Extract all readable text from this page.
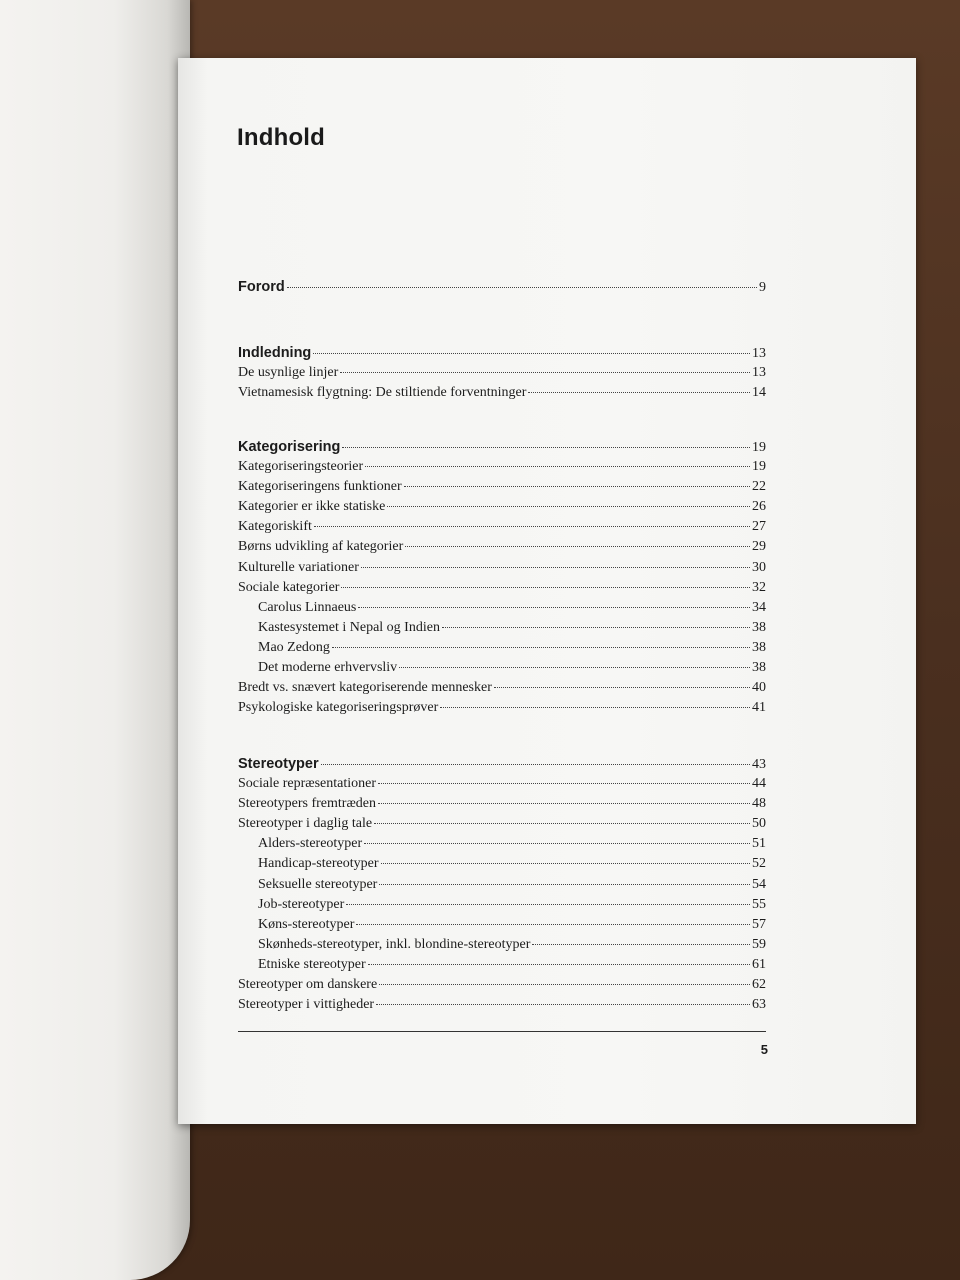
Indhold
Forord	9
Indledning	13
De usynlige linjer	13
Vietnamesisk flygtning: De stiltiende forventninger	14
Kategorisering	19
Kategoriseringsteorier	19
Kategoriseringens funktioner	22
Kategorier er ikke statiske	26
Kategoriskift	27
Børns udvikling af kategorier	29
Kulturelle variationer	30
Sociale kategorier	32
Carolus Linnaeus	34
Kastesystemet i Nepal og Indien	38
Mao Zedong	38
Det moderne erhvervsliv	38
Bredt vs. snævert kategoriserende mennesker	40
Psykologiske kategoriseringsprøver	41
Stereotyper	43
Sociale repræsentationer	44
Stereotypers fremtræden	48
Stereotyper i daglig tale	50
Alders-stereotyper	51
Handicap-stereotyper	52
Seksuelle stereotyper	54
Job-stereotyper	55
Køns-stereotyper	57
Skønheds-stereotyper, inkl. blondine-stereotyper	59
Etniske stereotyper	61
Stereotyper om danskere	62
Stereotyper i vittigheder	63
5
